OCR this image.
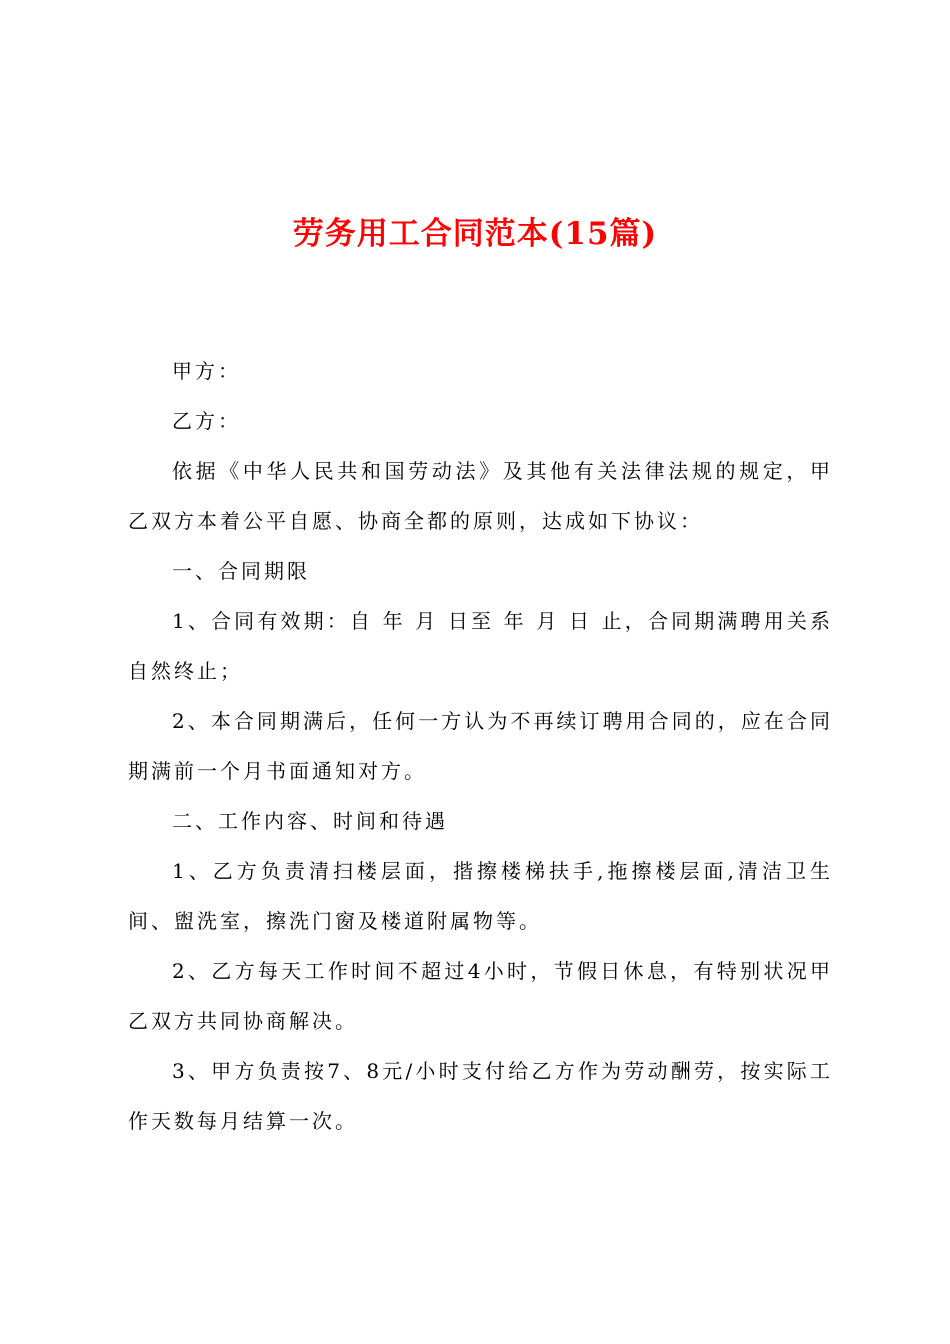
劳务用工合同范本(15篇)

甲方：

乙方：

依据《中华人民共和国劳动法》及其他有关法律法规的规定，甲乙双方本着公平自愿、协商全都的原则，达成如下协议：

一、合同期限

1、合同有效期：自 年 月 日至 年 月 日 止，合同期满聘用关系自然终止；

2、本合同期满后，任何一方认为不再续订聘用合同的，应在合同期满前一个月书面通知对方。

二、工作内容、时间和待遇

1、乙方负责清扫楼层面，揩擦楼梯扶手,拖擦楼层面,清洁卫生间、盥洗室，擦洗门窗及楼道附属物等。

2、乙方每天工作时间不超过4小时，节假日休息，有特别状况甲乙双方共同协商解决。

3、甲方负责按7、8元/小时支付给乙方作为劳动酬劳，按实际工作天数每月结算一次。
